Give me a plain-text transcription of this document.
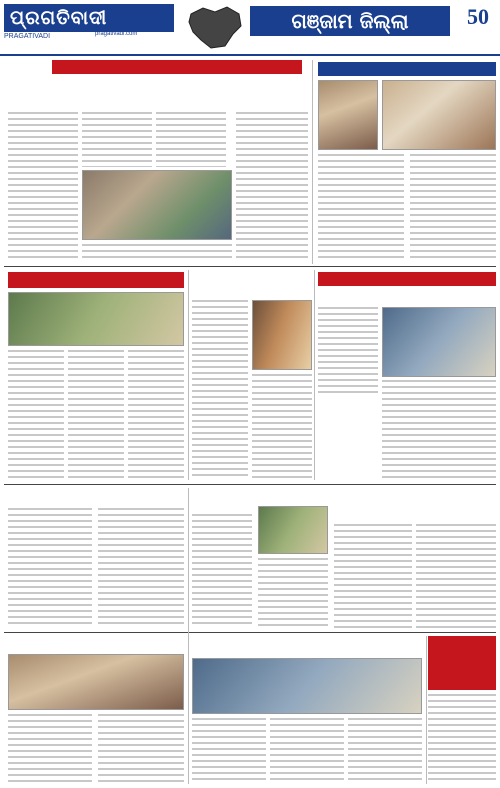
ପ୍ରଗତିବାଦୀ
PRAGATIVADI	pragativadi.com
ଗଞ୍ଜାମ ଜିଲ୍ଲା	50
